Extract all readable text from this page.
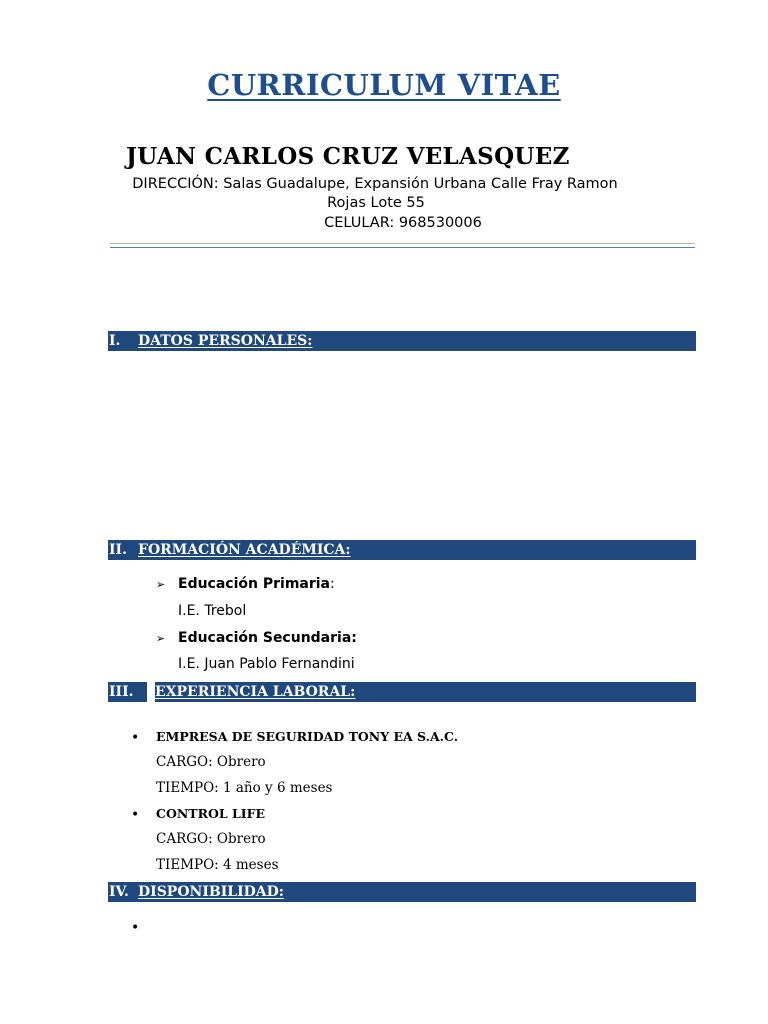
CURRICULUM VITAE
JUAN CARLOS CRUZ VELASQUEZ
DIRECCIÓN: Salas Guadalupe, Expansión Urbana Calle Fray Ramon
Rojas Lote 55
CELULAR: 968530006
I. DATOS PERSONALES:
II. FORMACIÓN ACADÉMICA:
➢ Educación Primaria:
I.E. Trebol
➢ Educación Secundaria:
I.E. Juan Pablo Fernandini
III. EXPERIENCIA LABORAL:
• EMPRESA DE SEGURIDAD TONY EA S.A.C.
CARGO: Obrero
TIEMPO: 1 año y 6 meses
• CONTROL LIFE
CARGO: Obrero
TIEMPO: 4 meses
IV. DISPONIBILIDAD:
•
